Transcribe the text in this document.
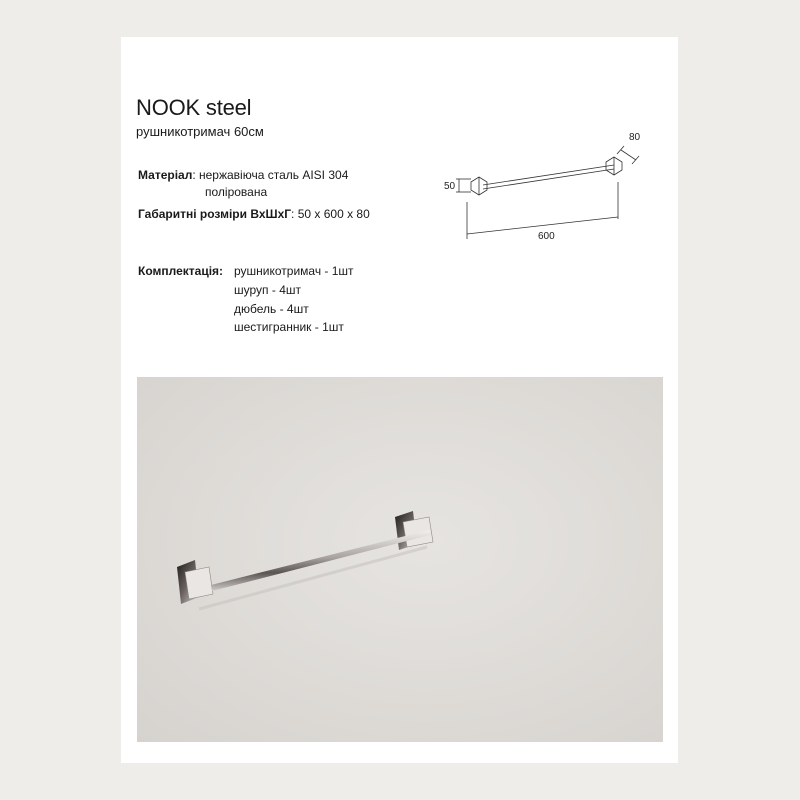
NOOK steel
рушникотримач 60см
Матеріал: нержавіюча сталь AISI 304
полірована
Габаритні розміри ВхШхГ: 50 x 600 x 80
Комплектація: рушникотримач - 1шт
шуруп - 4шт
дюбель - 4шт
шестигранник - 1шт
50
600
80
